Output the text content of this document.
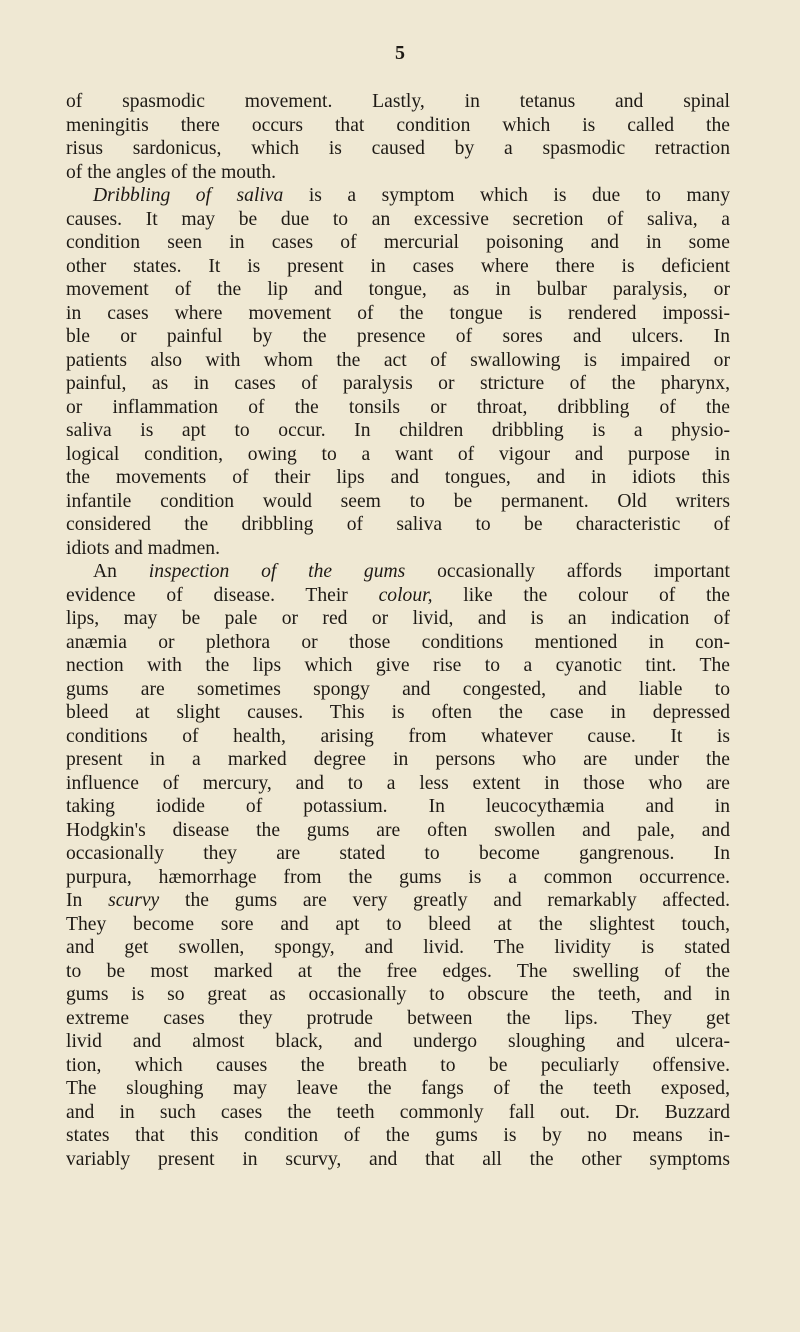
5
of spasmodic movement. Lastly, in tetanus and spinal
meningitis there occurs that condition which is called the
risus sardonicus, which is caused by a spasmodic retraction
of the angles of the mouth.
Dribbling of saliva is a symptom which is due to many
causes. It may be due to an excessive secretion of saliva, a
condition seen in cases of mercurial poisoning and in some
other states. It is present in cases where there is deficient
movement of the lip and tongue, as in bulbar paralysis, or
in cases where movement of the tongue is rendered impossi-
ble or painful by the presence of sores and ulcers. In
patients also with whom the act of swallowing is impaired or
painful, as in cases of paralysis or stricture of the pharynx,
or inflammation of the tonsils or throat, dribbling of the
saliva is apt to occur. In children dribbling is a physio-
logical condition, owing to a want of vigour and purpose in
the movements of their lips and tongues, and in idiots this
infantile condition would seem to be permanent. Old writers
considered the dribbling of saliva to be characteristic of
idiots and madmen.
An inspection of the gums occasionally affords important
evidence of disease. Their colour, like the colour of the
lips, may be pale or red or livid, and is an indication of
anæmia or plethora or those conditions mentioned in con-
nection with the lips which give rise to a cyanotic tint. The
gums are sometimes spongy and congested, and liable to
bleed at slight causes. This is often the case in depressed
conditions of health, arising from whatever cause. It is
present in a marked degree in persons who are under the
influence of mercury, and to a less extent in those who are
taking iodide of potassium. In leucocythæmia and in
Hodgkin's disease the gums are often swollen and pale, and
occasionally they are stated to become gangrenous. In
purpura, hæmorrhage from the gums is a common occurrence.
In scurvy the gums are very greatly and remarkably affected.
They become sore and apt to bleed at the slightest touch,
and get swollen, spongy, and livid. The lividity is stated
to be most marked at the free edges. The swelling of the
gums is so great as occasionally to obscure the teeth, and in
extreme cases they protrude between the lips. They get
livid and almost black, and undergo sloughing and ulcera-
tion, which causes the breath to be peculiarly offensive.
The sloughing may leave the fangs of the teeth exposed,
and in such cases the teeth commonly fall out. Dr. Buzzard
states that this condition of the gums is by no means in-
variably present in scurvy, and that all the other symptoms
